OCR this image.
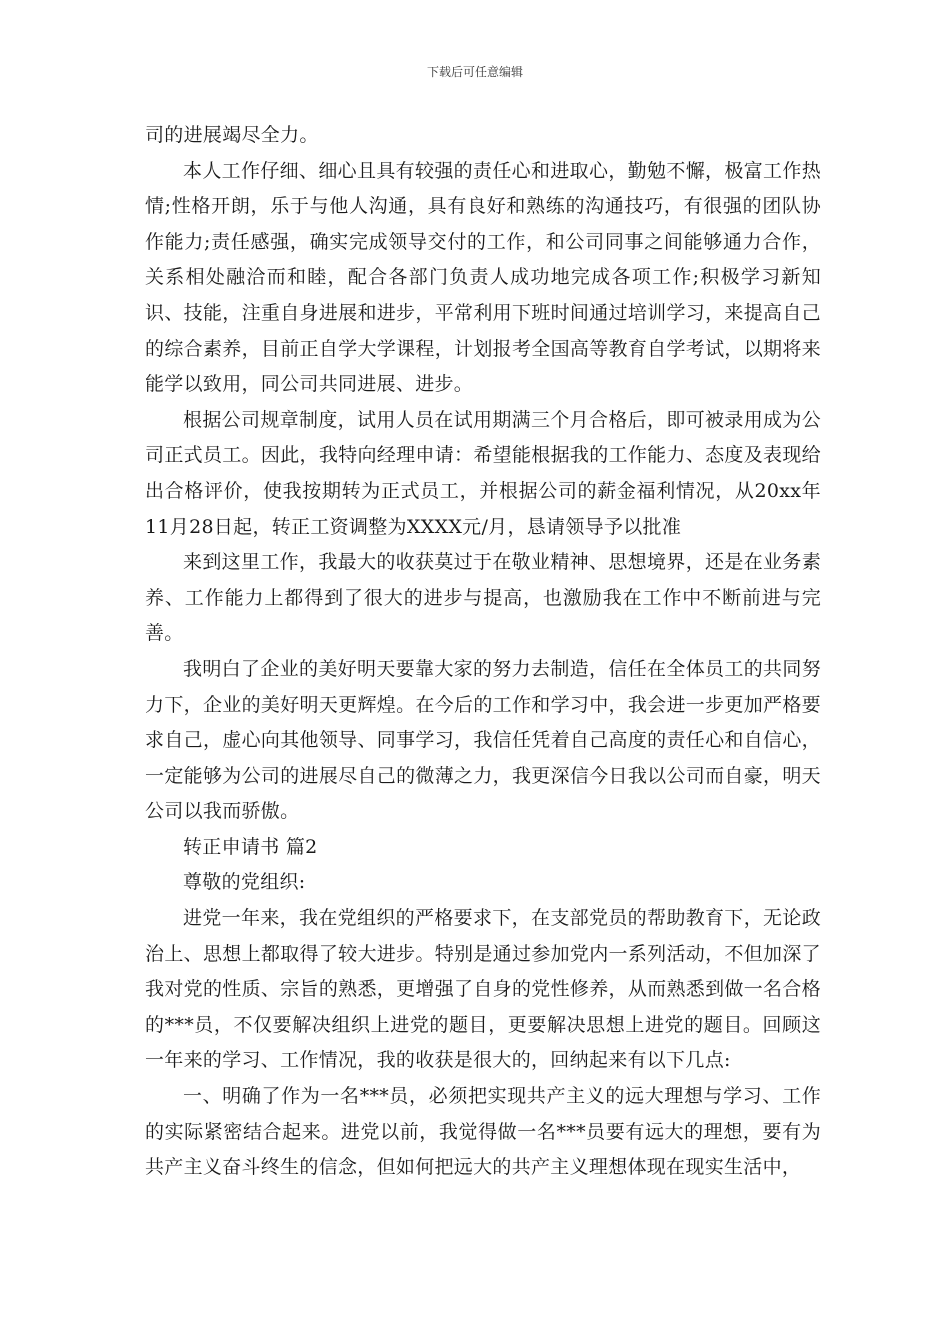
下载后可任意编辑

司的进展竭尽全力。

本人工作仔细、细心且具有较强的责任心和进取心，勤勉不懈，极富工作热情;性格开朗，乐于与他人沟通，具有良好和熟练的沟通技巧，有很强的团队协作能力;责任感强，确实完成领导交付的工作，和公司同事之间能够通力合作，关系相处融洽而和睦，配合各部门负责人成功地完成各项工作;积极学习新知识、技能，注重自身进展和进步，平常利用下班时间通过培训学习，来提高自己的综合素养，目前正自学大学课程，计划报考全国高等教育自学考试，以期将来能学以致用，同公司共同进展、进步。

根据公司规章制度，试用人员在试用期满三个月合格后，即可被录用成为公司正式员工。因此，我特向经理申请：希望能根据我的工作能力、态度及表现给出合格评价，使我按期转为正式员工，并根据公司的薪金福利情况，从20xx年11月28日起，转正工资调整为XXXX元/月，恳请领导予以批准

来到这里工作，我最大的收获莫过于在敬业精神、思想境界，还是在业务素养、工作能力上都得到了很大的进步与提高，也激励我在工作中不断前进与完善。

我明白了企业的美好明天要靠大家的努力去制造，信任在全体员工的共同努力下，企业的美好明天更辉煌。在今后的工作和学习中，我会进一步更加严格要求自己，虚心向其他领导、同事学习，我信任凭着自己高度的责任心和自信心，一定能够为公司的进展尽自己的微薄之力，我更深信今日我以公司而自豪，明天公司以我而骄傲。

转正申请书 篇2

尊敬的党组织:

进党一年来，我在党组织的严格要求下，在支部党员的帮助教育下，无论政治上、思想上都取得了较大进步。特别是通过参加党内一系列活动，不但加深了我对党的性质、宗旨的熟悉，更增强了自身的党性修养，从而熟悉到做一名合格的***员，不仅要解决组织上进党的题目，更要解决思想上进党的题目。回顾这一年来的学习、工作情况，我的收获是很大的，回纳起来有以下几点:

一、明确了作为一名***员，必须把实现共产主义的远大理想与学习、工作的实际紧密结合起来。进党以前，我觉得做一名***员要有远大的理想，要有为共产主义奋斗终生的信念，但如何把远大的共产主义理想体现在现实生活中，
